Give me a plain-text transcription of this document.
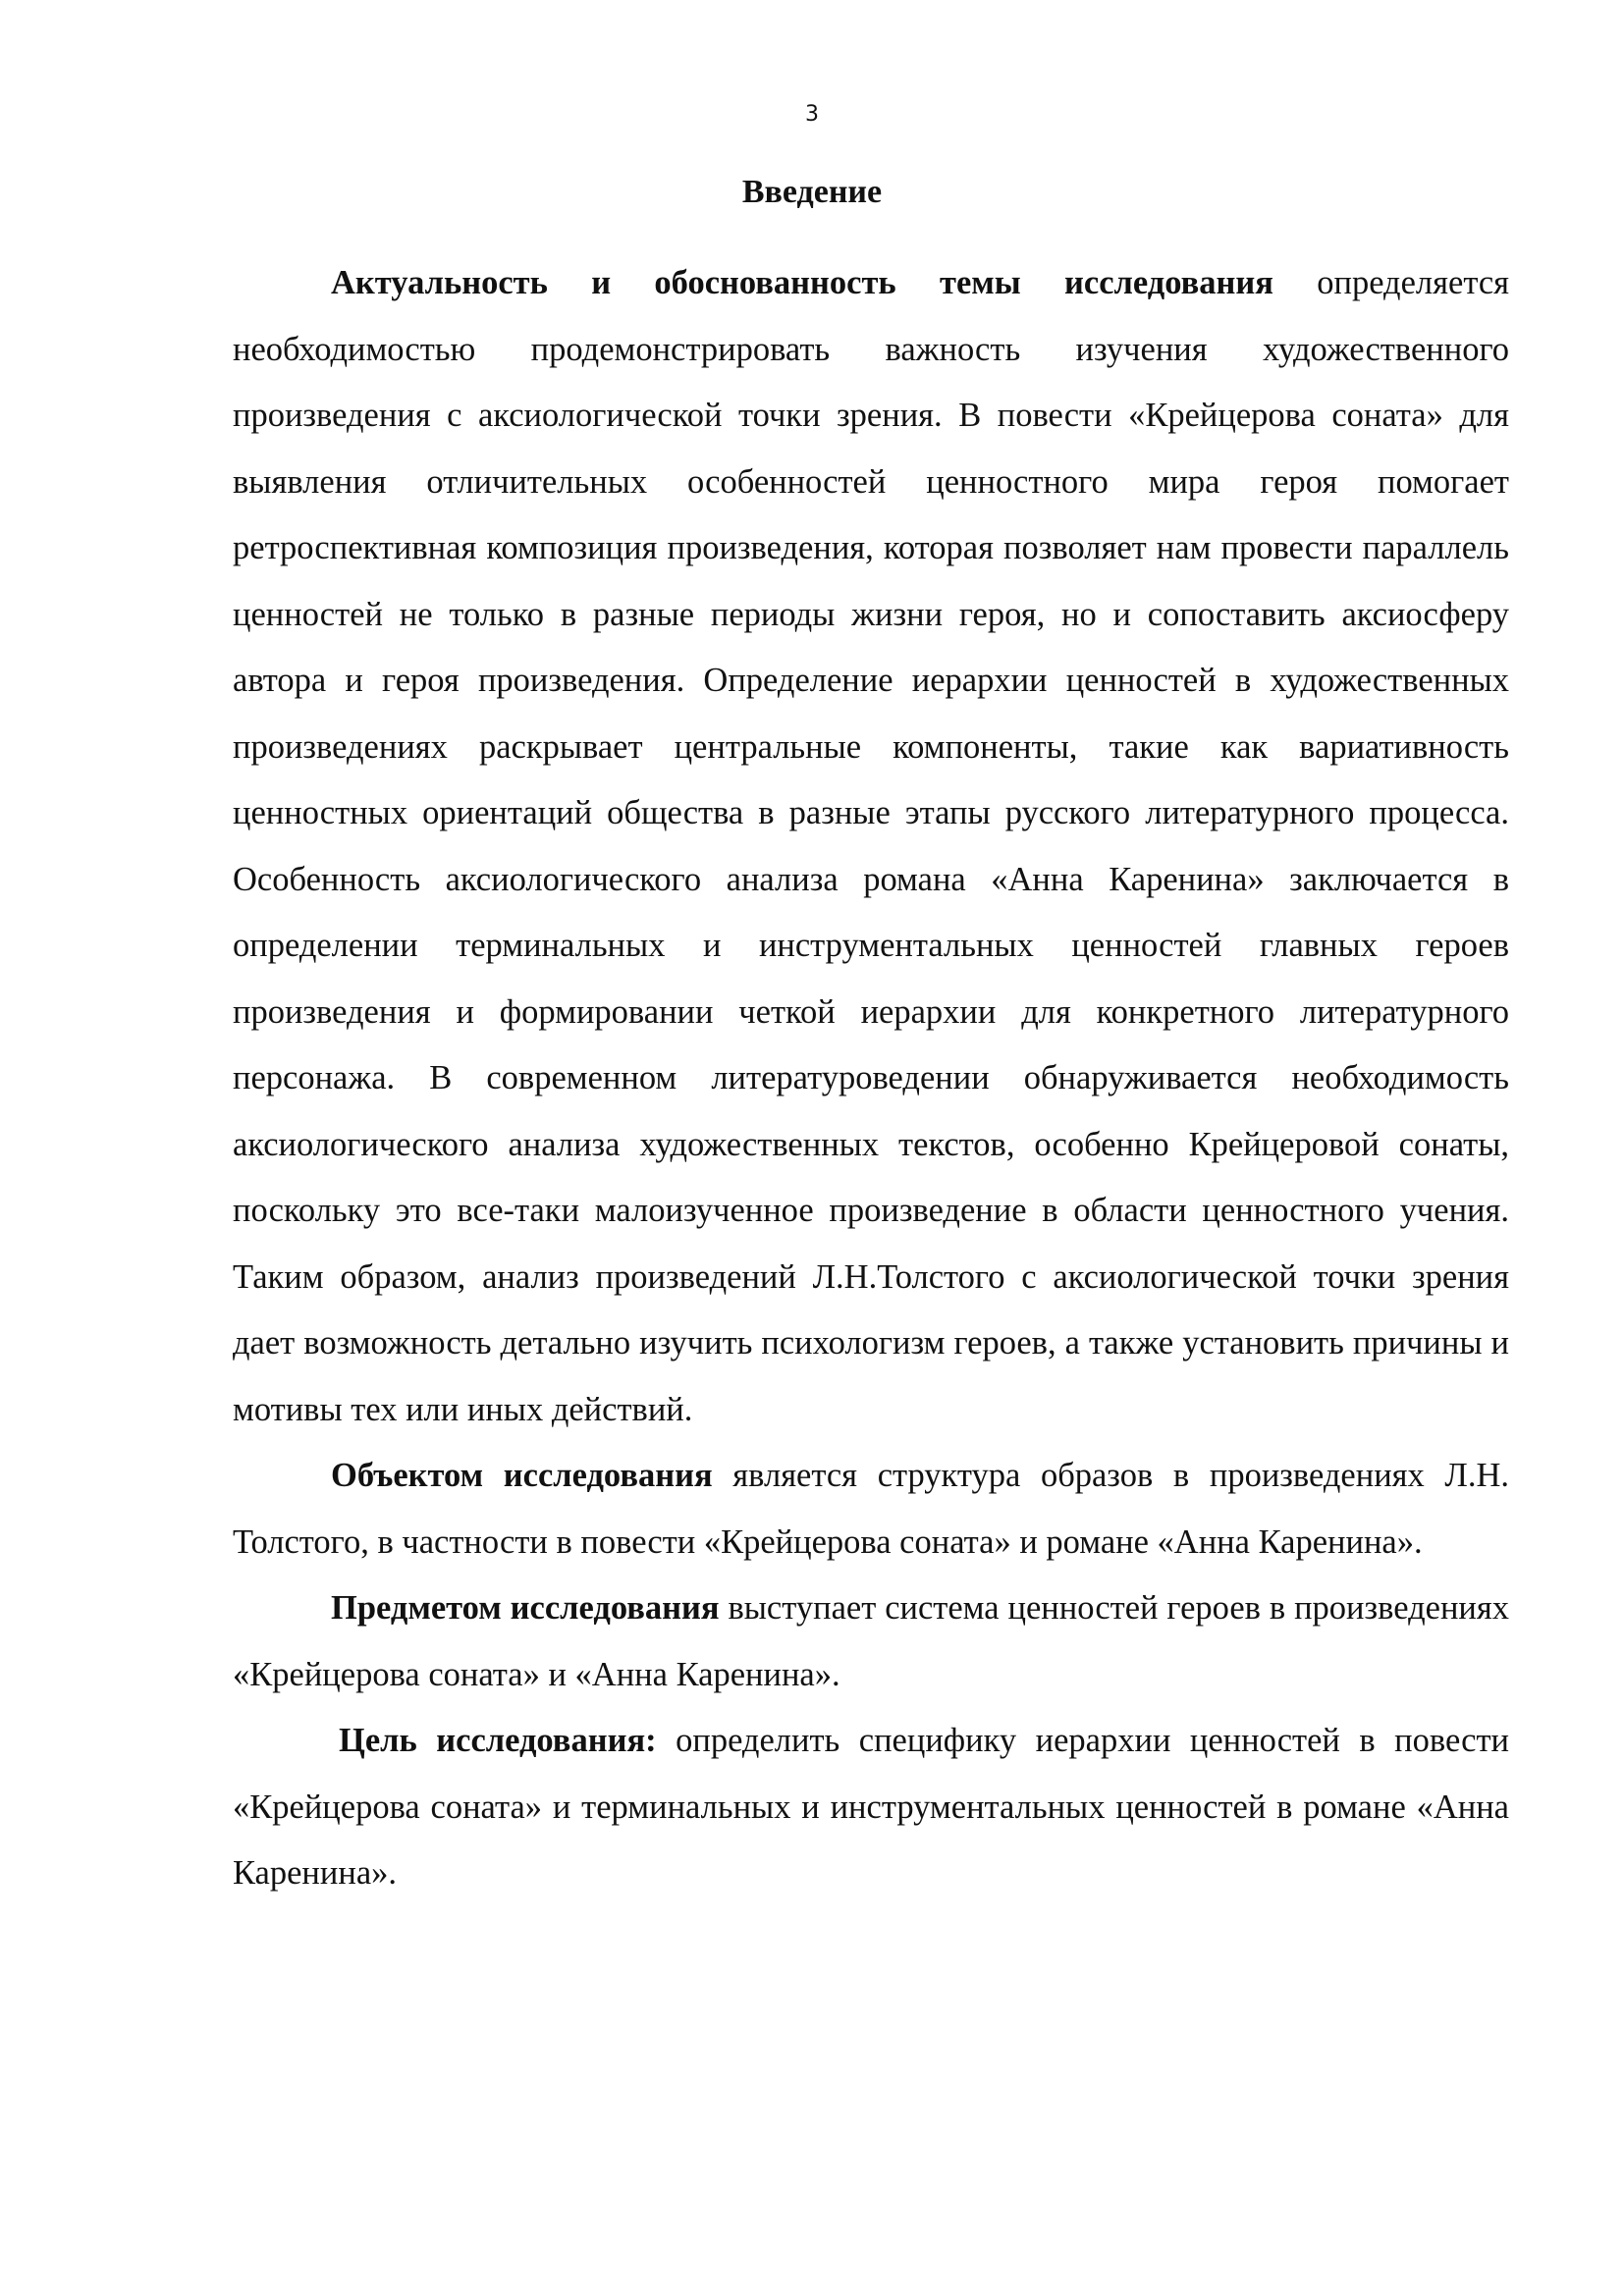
3
Введение

Актуальность и обоснованность темы исследования определяется необходимостью продемонстрировать важность изучения художественного произведения с аксиологической точки зрения. В повести «Крейцерова соната» для выявления отличительных особенностей ценностного мира героя помогает ретроспективная композиция произведения, которая позволяет нам провести параллель ценностей не только в разные периоды жизни героя, но и сопоставить аксиосферу автора и героя произведения. Определение иерархии ценностей в художественных произведениях раскрывает центральные компоненты, такие как вариативность ценностных ориентаций общества в разные этапы русского литературного процесса. Особенность аксиологического анализа романа «Анна Каренина» заключается в определении терминальных и инструментальных ценностей главных героев произведения и формировании четкой иерархии для конкретного литературного персонажа. В современном литературоведении обнаруживается необходимость аксиологического анализа художественных текстов, особенно Крейцеровой сонаты, поскольку это все-таки малоизученное произведение в области ценностного учения. Таким образом, анализ произведений Л.Н.Толстого с аксиологической точки зрения дает возможность детально изучить психологизм героев, а также установить причины и мотивы тех или иных действий.

Объектом исследования является структура образов в произведениях Л.Н. Толстого, в частности в повести «Крейцерова соната» и романе «Анна Каренина».

Предметом исследования выступает система ценностей героев в произведениях «Крейцерова соната» и «Анна Каренина».

Цель исследования: определить специфику иерархии ценностей в повести «Крейцерова соната» и терминальных и инструментальных ценностей в романе «Анна Каренина».
